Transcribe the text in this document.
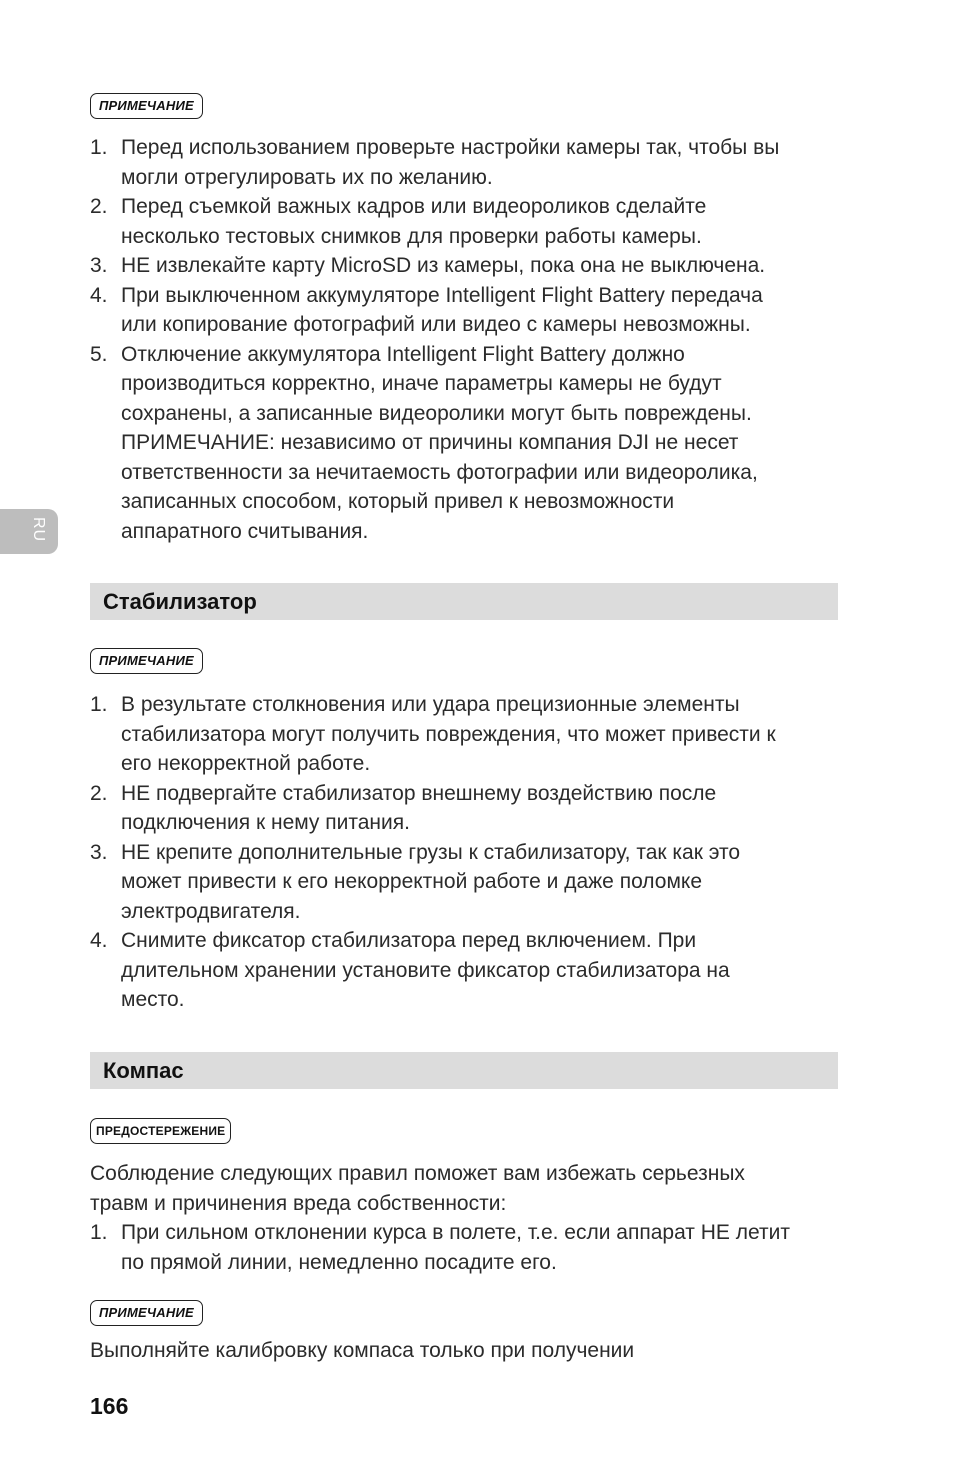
RU
ПРИМЕЧАНИЕ
1. Перед использованием проверьте настройки камеры так, чтобы вы
могли отрегулировать их по желанию.
2. Перед съемкой важных кадров или видеороликов сделайте
несколько тестовых снимков для проверки работы камеры.
3. НЕ извлекайте карту MicroSD из камеры, пока она не выключена.
4. При выключенном аккумуляторе Intelligent Flight Battery передача
или копирование фотографий или видео с камеры невозможны.
5. Отключение аккумулятора Intelligent Flight Battery должно
производиться корректно, иначе параметры камеры не будут
сохранены, а записанные видеоролики могут быть повреждены.
ПРИМЕЧАНИЕ: независимо от причины компания DJI не несет
ответственности за нечитаемость фотографии или видеоролика,
записанных способом, который привел к невозможности
аппаратного считывания.
Стабилизатор
ПРИМЕЧАНИЕ
1. В результате столкновения или удара прецизионные элементы
стабилизатора могут получить повреждения, что может привести к
его некорректной работе.
2. НЕ подвергайте стабилизатор внешнему воздействию после
подключения к нему питания.
3. НЕ крепите дополнительные грузы к стабилизатору, так как это
может привести к его некорректной работе и даже поломке
электродвигателя.
4. Снимите фиксатор стабилизатора перед включением. При
длительном хранении установите фиксатор стабилизатора на
место.
Компас
ПРЕДОСТЕРЕЖЕНИЕ
Соблюдение следующих правил поможет вам избежать серьезных
травм и причинения вреда собственности:
1. При сильном отклонении курса в полете, т.е. если аппарат НЕ летит
по прямой линии, немедленно посадите его.
ПРИМЕЧАНИЕ
Выполняйте калибровку компаса только при получении
166
